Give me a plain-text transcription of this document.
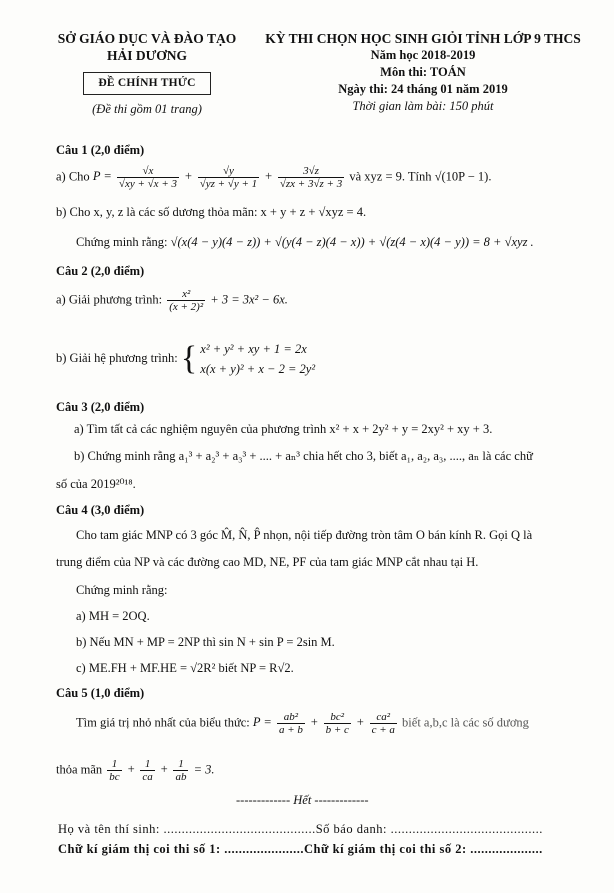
SỞ GIÁO DỤC VÀ ĐÀO TẠO
HẢI DƯƠNG
ĐỀ CHÍNH THỨC
(Đề thi gồm 01 trang)
KỲ THI CHỌN HỌC SINH GIỎI TỈNH LỚP 9 THCS
Năm học 2018-2019
Môn thi: TOÁN
Ngày thi: 24 tháng 01 năm 2019
Thời gian làm bài: 150 phút
Câu 1 (2,0 điểm)
a) Cho $P = \frac{√x}{√xy + √x + 3} + \frac{√y}{√yz + √y + 1} + \frac{3√z}{√zx + 3√z + 3}$ và xyz = 9. Tính √(10P − 1).
b) Cho x, y, z là các số dương thỏa mãn: x + y + z + √xyz = 4.
Chứng minh rằng: √(x(4 − y)(4 − z)) + √(y(4 − z)(4 − x)) + √(z(4 − x)(4 − y)) = 8 + √xyz .
Câu 2 (2,0 điểm)
a) Giải phương trình: $\frac{\text{x²}}{\text{(x + 2)²}} + 3 = 3x^2 - 6x$.
b) Giải hệ phương trình: { x² + y² + xy + 1 = 2x
x(x + y)² + x − 2 = 2y²
Câu 3 (2,0 điểm)
a) Tìm tất cả các nghiệm nguyên của phương trình x² + x + 2y² + y = 2xy² + xy + 3.
b) Chứng minh rằng a₁³ + a₂³ + a₃³ + .... + aₙ³ chia hết cho 3, biết a₁, a₂, a₃, ...., aₙ là các chữ
số của 2019²⁰¹⁸.
Câu 4 (3,0 điểm)
Cho tam giác MNP có 3 góc M̂, N̂, P̂ nhọn, nội tiếp đường tròn tâm O bán kính R. Gọi Q là
trung điểm của NP và các đường cao MD, NE, PF của tam giác MNP cắt nhau tại H.
Chứng minh rằng:
a) MH = 2OQ.
b) Nếu MN + MP = 2NP thì sin N + sin P = 2sin M.
c) ME.FH + MF.HE = √2R² biết NP = R√2.
Câu 5 (1,0 điểm)
Tìm giá trị nhỏ nhất của biểu thức: $P = \frac{\text{ab²}}{a + b} + \frac{\text{bc²}}{b + c} + \frac{\text{ca²}}{c + a}$ biết a,b,c là các số dương
thỏa mãn $\frac{1}{bc} + \frac{1}{ca} + \frac{1}{ab} = 3$.
------------- Hết -------------
Họ và tên thí sinh: ..........................................Số báo danh: ..........................................
Chữ kí giám thị coi thi số 1: ......................Chữ kí giám thị coi thi số 2: ....................
